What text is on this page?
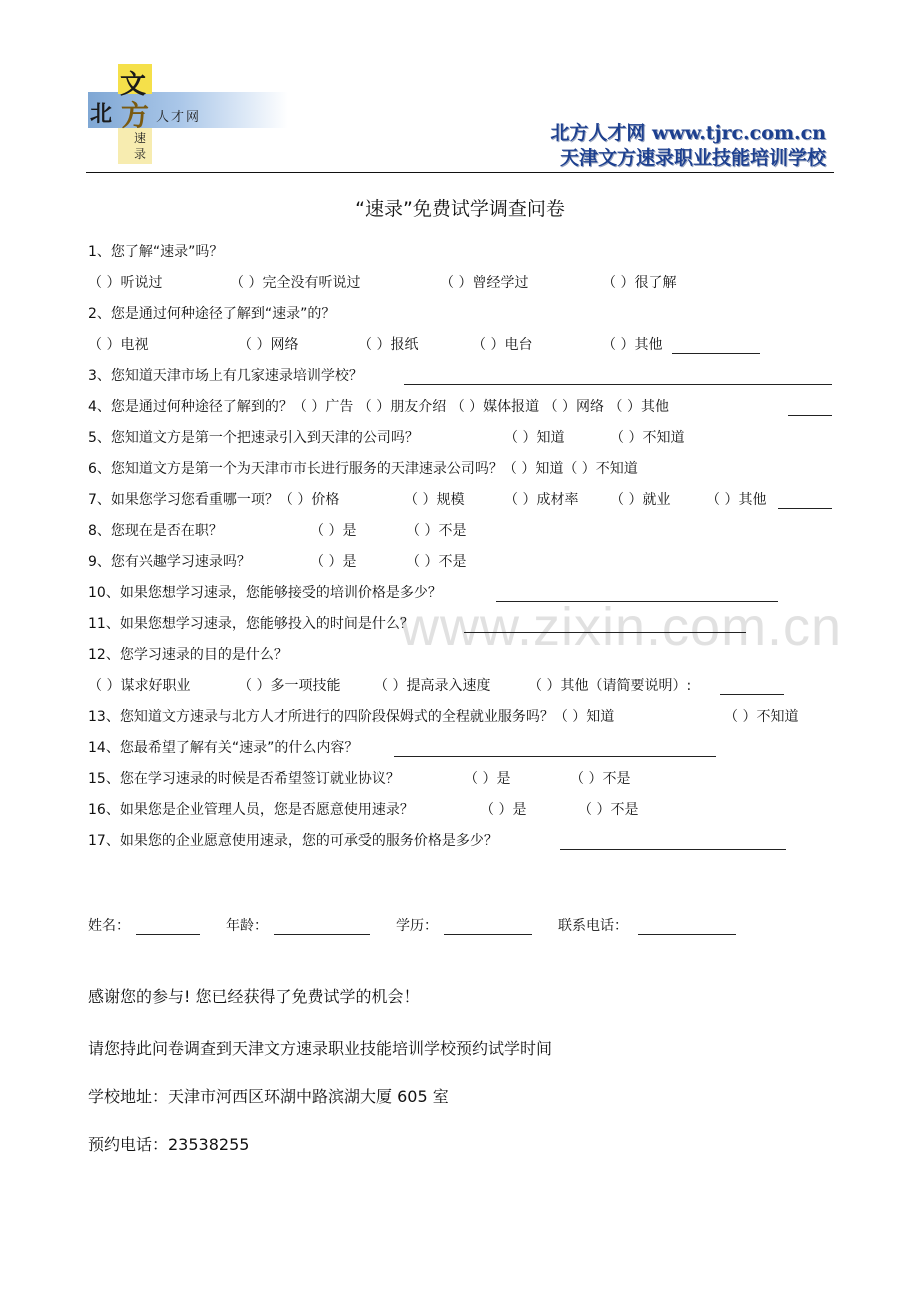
文
北 方 人才网
速录
北方人才网 www.tjrc.com.cn
天津文方速录职业技能培训学校
“速录”免费试学调查问卷
www.zixin.com.cn
1、您了解“速录”吗？
（ ）听说过	（ ）完全没有听说过	（ ）曾经学过	（ ）很了解
2、您是通过何种途径了解到“速录”的？
（ ）电视	（ ）网络	（ ）报纸	（ ）电台	（ ）其他
3、您知道天津市场上有几家速录培训学校？
4、您是通过何种途径了解到的？（ ）广告 （ ）朋友介绍 （ ）媒体报道 （ ）网络 （ ）其他
5、您知道文方是第一个把速录引入到天津的公司吗？	（ ）知道	（ ）不知道
6、您知道文方是第一个为天津市市长进行服务的天津速录公司吗？（ ）知道（ ）不知道
7、如果您学习您看重哪一项？（ ）价格	（ ）规模	（ ）成材率 （ ）就业	（ ）其他
8、您现在是否在职？	（ ）是	（ ）不是
9、您有兴趣学习速录吗？	（ ）是	（ ）不是
10、如果您想学习速录，您能够接受的培训价格是多少？
11、如果您想学习速录，您能够投入的时间是什么？
12、您学习速录的目的是什么？
（ ）谋求好职业	（ ）多一项技能 （ ）提高录入速度	（ ）其他（请简要说明）:
13、您知道文方速录与北方人才所进行的四阶段保姆式的全程就业服务吗？（ ）知道	（ ）不知道
14、您最希望了解有关“速录”的什么内容？
15、您在学习速录的时候是否希望签订就业协议？	（ ）是	（ ）不是
16、如果您是企业管理人员，您是否愿意使用速录？	（ ）是	（ ）不是
17、如果您的企业愿意使用速录，您的可承受的服务价格是多少？
姓名：	年龄：	学历：	联系电话：
感谢您的参与! 您已经获得了免费试学的机会！
请您持此问卷调查到天津文方速录职业技能培训学校预约试学时间
学校地址：天津市河西区环湖中路滨湖大厦 605 室
预约电话：23538255
